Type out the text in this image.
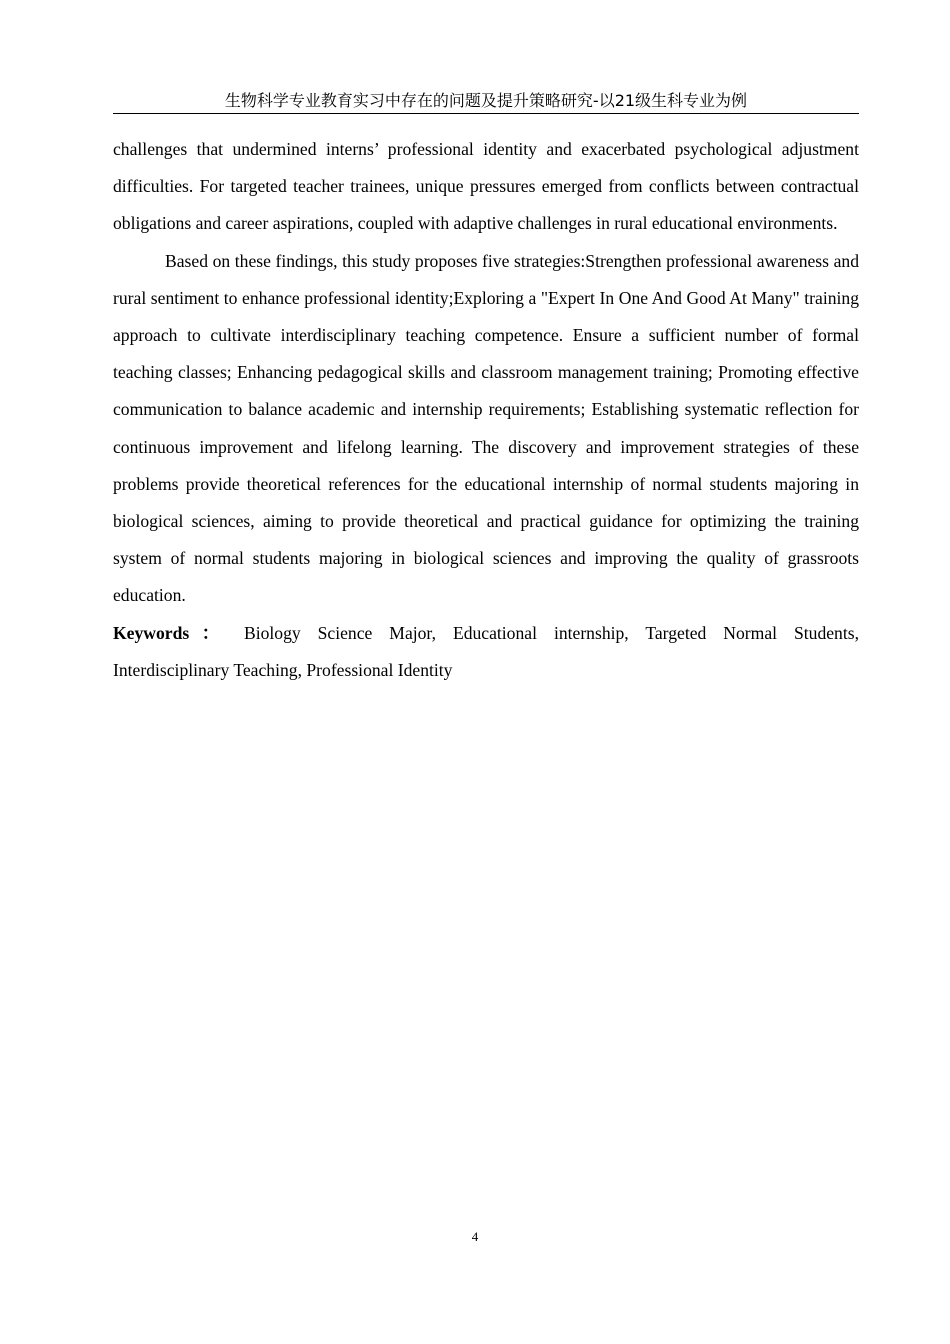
生物科学专业教育实习中存在的问题及提升策略研究-以21级生科专业为例

challenges that undermined interns’ professional identity and exacerbated psychological adjustment difficulties. For targeted teacher trainees, unique pressures emerged from conflicts between contractual obligations and career aspirations, coupled with adaptive challenges in rural educational environments.

Based on these findings, this study proposes five strategies:Strengthen professional awareness and rural sentiment to enhance professional identity;Exploring a "Expert In One And Good At Many" training approach to cultivate interdisciplinary teaching competence. Ensure a sufficient number of formal teaching classes; Enhancing pedagogical skills and classroom management training; Promoting effective communication to balance academic and internship requirements; Establishing systematic reflection for continuous improvement and lifelong learning. The discovery and improvement strategies of these problems provide theoretical references for the educational internship of normal students majoring in biological sciences, aiming to provide theoretical and practical guidance for optimizing the training system of normal students majoring in biological sciences and improving the quality of grassroots education.

Keywords： Biology Science Major, Educational internship, Targeted Normal Students, Interdisciplinary Teaching, Professional Identity

4
